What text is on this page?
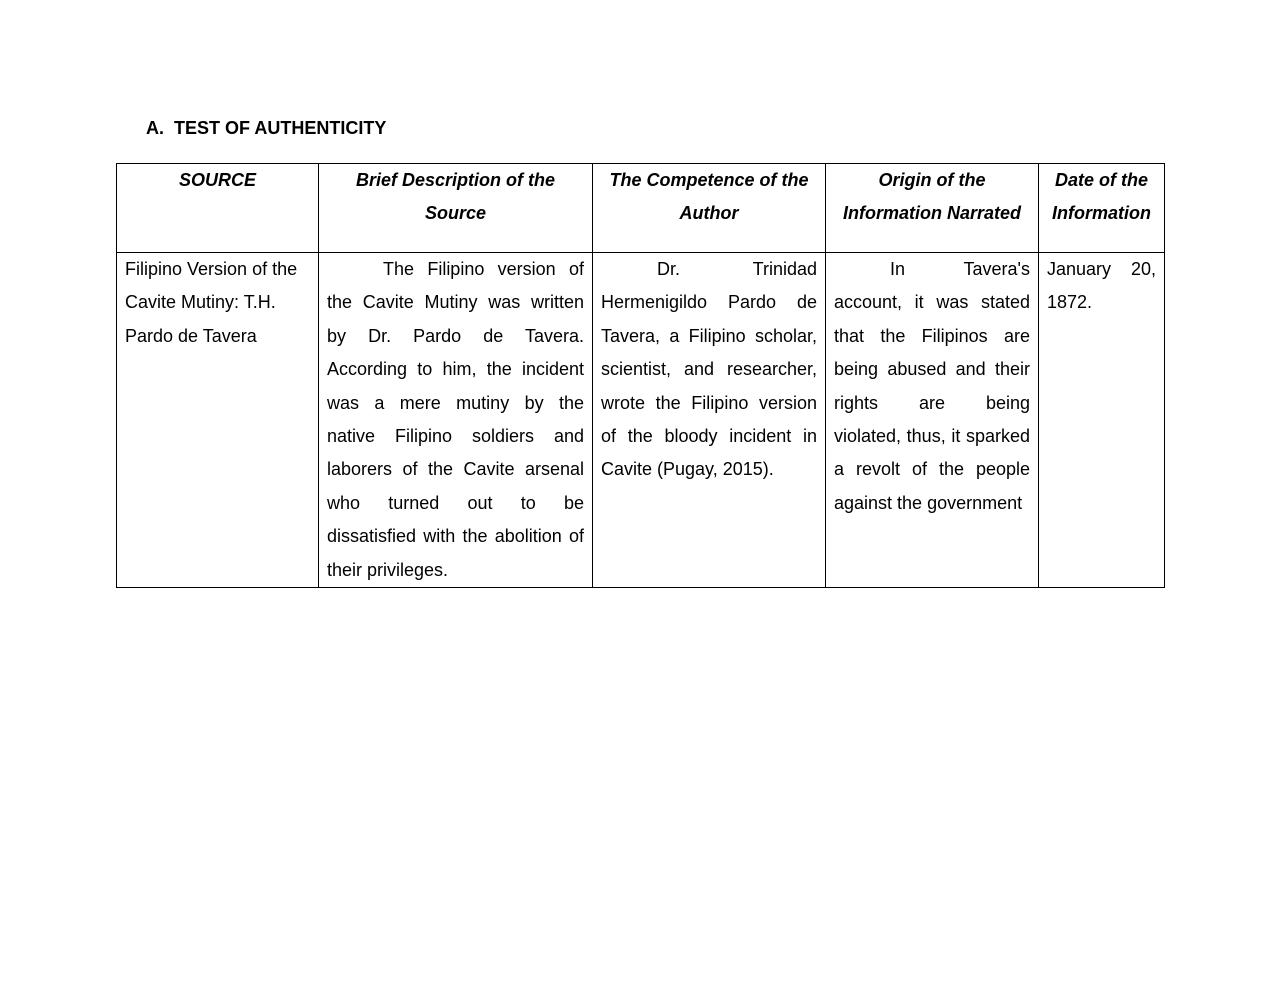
A. TEST OF AUTHENTICITY
SOURCE	Brief Description of the Source	The Competence of the Author	Origin of the Information Narrated	Date of the Information
Filipino Version of the Cavite Mutiny: T.H. Pardo de Tavera	The Filipino version of the Cavite Mutiny was written by Dr. Pardo de Tavera. According to him, the incident was a mere mutiny by the native Filipino soldiers and laborers of the Cavite arsenal who turned out to be dissatisfied with the abolition of their privileges.	Dr. Trinidad Hermenigildo Pardo de Tavera, a Filipino scholar, scientist, and researcher, wrote the Filipino version of the bloody incident in Cavite (Pugay, 2015).	In Tavera's account, it was stated that the Filipinos are being abused and their rights are being violated, thus, it sparked a revolt of the people against the government	January 20, 1872.
